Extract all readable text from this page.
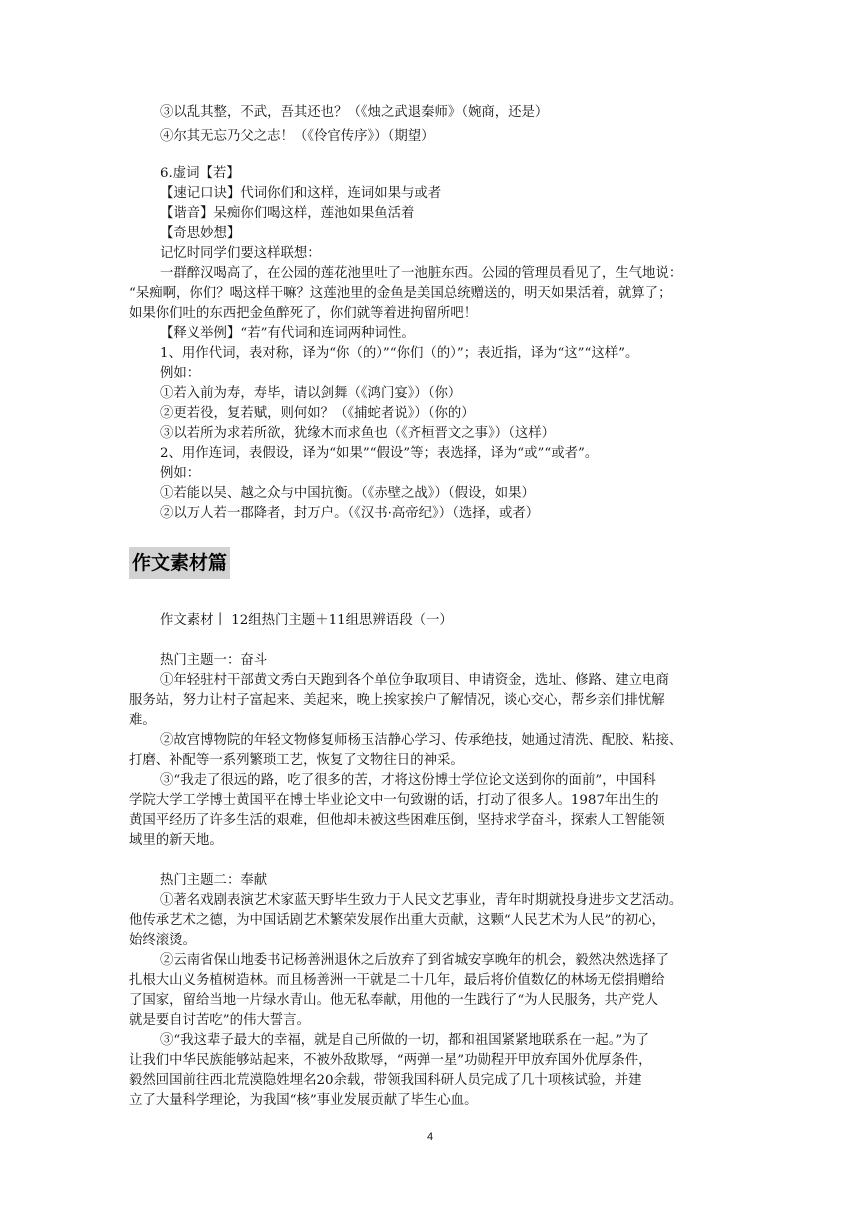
③以乱其整，不武，吾其还也？（《烛之武退秦师》（婉商，还是）
④尔其无忘乃父之志！（《伶官传序》）（期望）
6.虚词【若】
【速记口诀】代词你们和这样，连词如果与或者
【谐音】呆痴你们喝这样，莲池如果鱼活着
【奇思妙想】
记忆时同学们要这样联想：
一群醉汉喝高了，在公园的莲花池里吐了一池脏东西。公园的管理员看见了，生气地说：
“呆痴啊，你们？喝这样干嘛？这莲池里的金鱼是美国总统赠送的，明天如果活着，就算了；
如果你们吐的东西把金鱼醉死了，你们就等着进拘留所吧！
【释义举例】“若”有代词和连词两种词性。
1、用作代词，表对称，译为“你（的）”“你们（的）”；表近指，译为“这”“这样”。
例如：
①若入前为寿，寿毕，请以剑舞（《鸿门宴》）（你）
②更若役，复若赋，则何如？（《捕蛇者说》）（你的）
③以若所为求若所欲，犹缘木而求鱼也（《齐桓晋文之事》）（这样）
2、用作连词，表假设，译为“如果”“假设”等；表选择，译为“或”“或者”。
例如：
①若能以吴、越之众与中国抗衡。（《赤壁之战》）（假设，如果）
②以万人若一郡降者，封万户。（《汉书·高帝纪》）（选择，或者）
作文素材篇
作文素材丨 12组热门主题＋11组思辨语段（一）
热门主题一：奋斗
①年轻驻村干部黄文秀白天跑到各个单位争取项目、申请资金，选址、修路、建立电商
服务站，努力让村子富起来、美起来，晚上挨家挨户了解情况，谈心交心，帮乡亲们排忧解
难。
②故宫博物院的年轻文物修复师杨玉洁静心学习、传承绝技，她通过清洗、配胶、粘接、
打磨、补配等一系列繁琐工艺，恢复了文物往日的神采。
③“我走了很远的路，吃了很多的苦，才将这份博士学位论文送到你的面前”，中国科
学院大学工学博士黄国平在博士毕业论文中一句致谢的话，打动了很多人。1987年出生的
黄国平经历了许多生活的艰难，但他却未被这些困难压倒，坚持求学奋斗，探索人工智能领
域里的新天地。
热门主题二：奉献
①著名戏剧表演艺术家蓝天野毕生致力于人民文艺事业，青年时期就投身进步文艺活动。
他传承艺术之德，为中国话剧艺术繁荣发展作出重大贡献，这颗“人民艺术为人民”的初心，
始终滚烫。
②云南省保山地委书记杨善洲退休之后放弃了到省城安享晚年的机会，毅然决然选择了
扎根大山义务植树造林。而且杨善洲一干就是二十几年，最后将价值数亿的林场无偿捐赠给
了国家，留给当地一片绿水青山。他无私奉献，用他的一生践行了“为人民服务，共产党人
就是要自讨苦吃”的伟大誓言。
③“我这辈子最大的幸福，就是自己所做的一切，都和祖国紧紧地联系在一起。”为了
让我们中华民族能够站起来，不被外敌欺辱，“两弹一星”功勋程开甲放弃国外优厚条件，
毅然回国前往西北荒漠隐姓埋名20余载，带领我国科研人员完成了几十项核试验，并建
立了大量科学理论，为我国“核”事业发展贡献了毕生心血。
4
